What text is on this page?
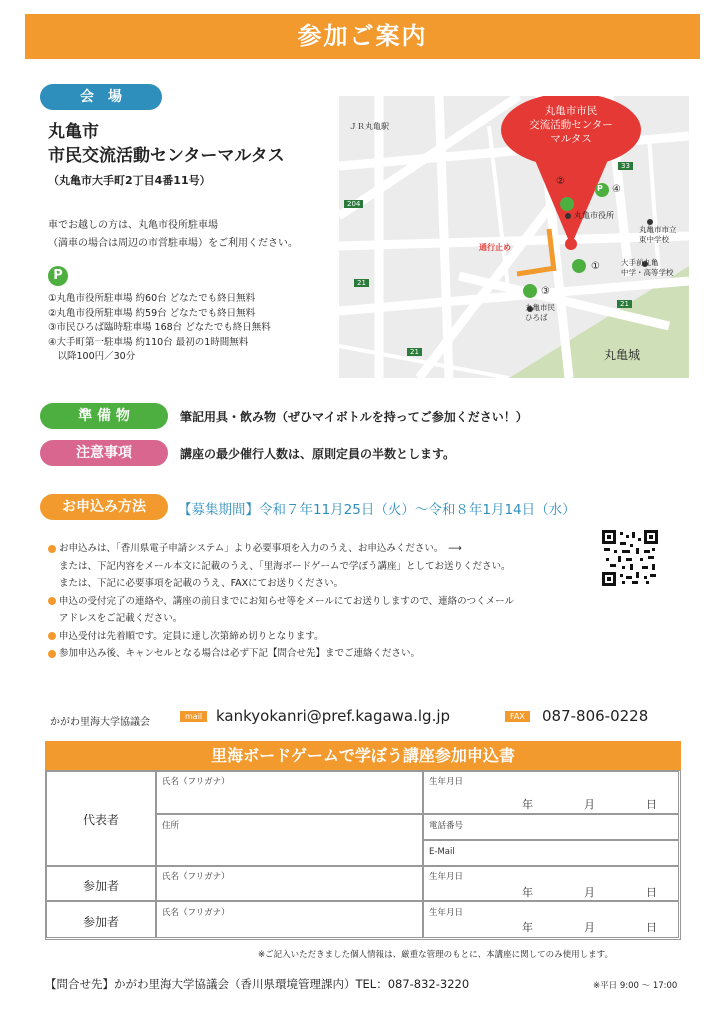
参加ご案内
会　場
丸亀市
市民交流活動センターマルタス
（丸亀市大手町2丁目4番11号）
車でお越しの方は、丸亀市役所駐車場
（満車の場合は周辺の市営駐車場）をご利用ください。
P
①丸亀市役所駐車場 約60台 どなたでも終日無料
②丸亀市役所駐車場 約59台 どなたでも終日無料
③市民ひろば臨時駐車場 168台 どなたでも終日無料
④大手町第一駐車場 約110台 最初の1時間無料
　以降100円／30分
丸亀市市民
交流活動センター
マルタス
ＪＲ丸亀駅
丸亀市役所
丸亀市市立
東中学校
大手前丸亀
中学・高等学校
通行止め
丸亀市民
ひろば
丸亀城
33
204
21
21
21
P ④
②
①
③
準 備 物	筆記用具・飲み物（ぜひマイボトルを持ってご参加ください！）
注意事項	講座の最少催行人数は、原則定員の半数とします。
お申込み方法	【募集期間】令和７年11月25日（火）～令和８年1月14日（水）
お申込みは、「香川県電子申請システム」より必要事項を入力のうえ、お申込みください。　⟶
または、下記内容をメール本文に記載のうえ、「里海ボードゲームで学ぼう講座」としてお送りください。
または、下記に必要事項を記載のうえ、FAXにてお送りください。
申込の受付完了の連絡や、講座の前日までにお知らせ等をメールにてお送りしますので、連絡のつくメール
アドレスをご記載ください。
申込受付は先着順です。定員に達し次第締め切りとなります。
参加申込み後、キャンセルとなる場合は必ず下記【問合せ先】までご連絡ください。
かがわ里海大学協議会
mail kankyokanri@pref.kagawa.lg.jp	FAX	087-806-0228
里海ボードゲームで学ぼう講座参加申込書
代表者
氏名（フリガナ）	生年月日
年	月	日
住所	電話番号
E-Mail
参加者
氏名（フリガナ）	生年月日
年	月	日
参加者
氏名（フリガナ）	生年月日
年	月	日
※ご記入いただきました個人情報は、厳重な管理のもとに、本講座に関してのみ使用します。
【問合せ先】かがわ里海大学協議会（香川県環境管理課内）TEL：087-832-3220	※平日 9:00 ～ 17:00
